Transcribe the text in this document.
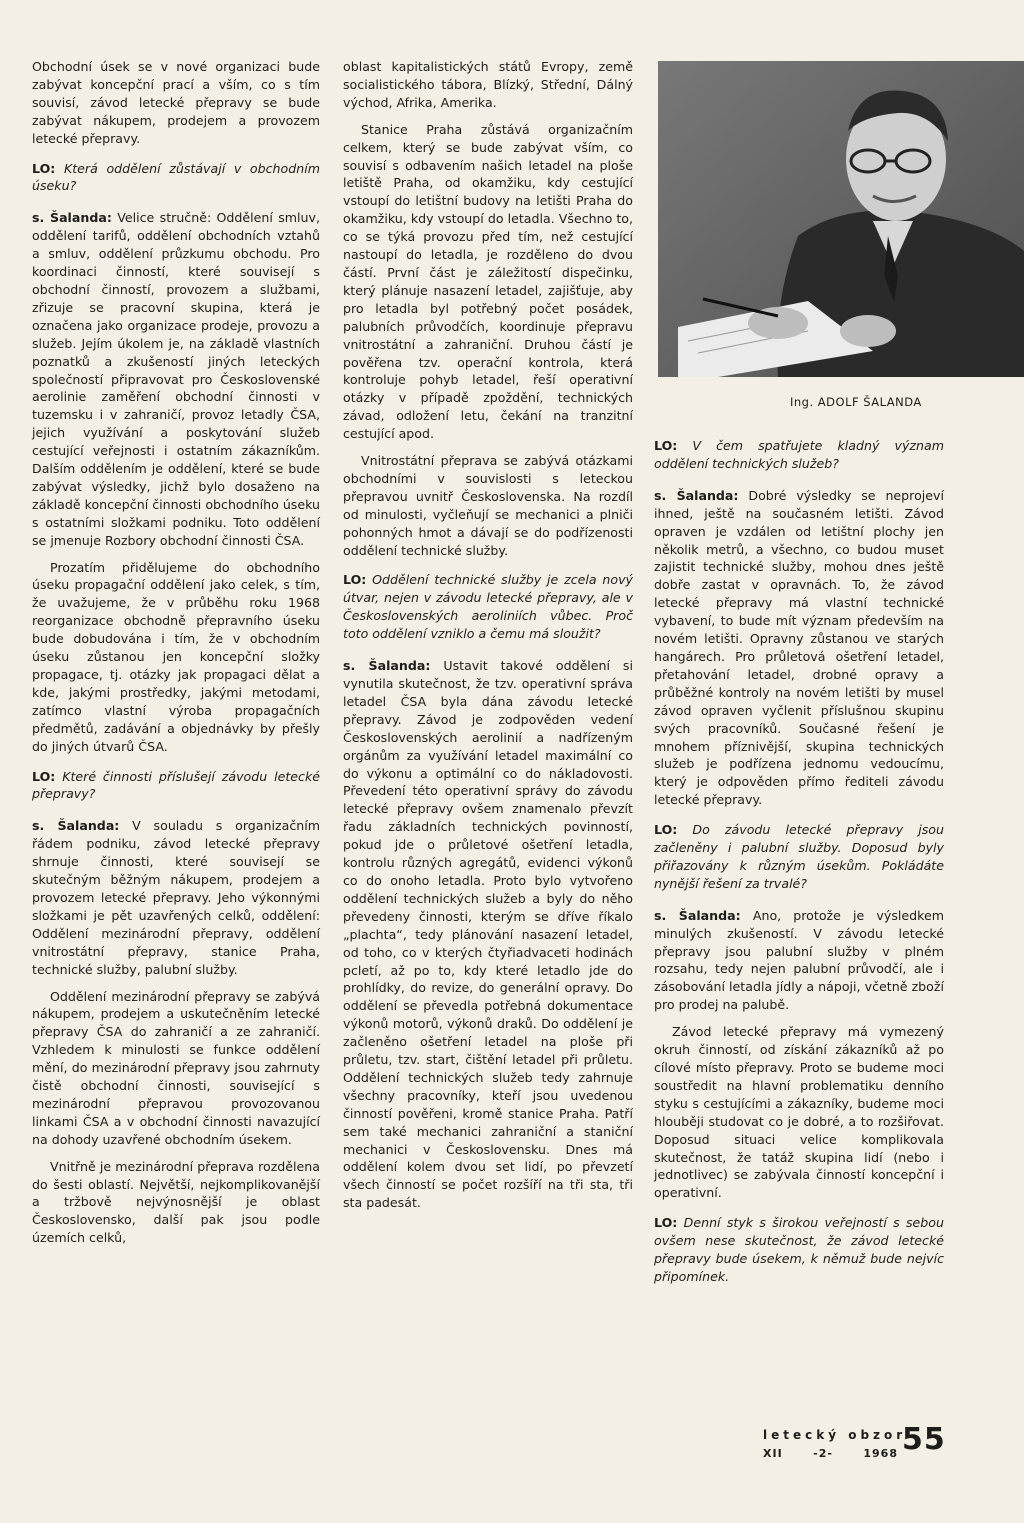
Obchodní úsek se v nové organizaci bude zabývat koncepční prací a vším, co s tím souvisí, závod letecké přepravy se bude zabývat nákupem, prodejem a provozem letecké přepravy.

LO: Která oddělení zůstávají v obchodním úseku?

s. Šalanda: Velice stručně: Oddělení smluv, oddělení tarifů, oddělení obchodních vztahů a smluv, oddělení průzkumu obchodu. Pro koordinaci činností, které souvisejí s obchodní činností, provozem a službami, zřizuje se pracovní skupina, která je označena jako organizace prodeje, provozu a služeb. Jejím úkolem je, na základě vlastních poznatků a zkušeností jiných leteckých společností připravovat pro Československé aerolinie zaměření obchodní činnosti v tuzemsku i v zahraničí, provoz letadly ČSA, jejich využívání a poskytování služeb cestující veřejnosti i ostatním zákazníkům. Dalším oddělením je oddělení, které se bude zabývat výsledky, jichž bylo dosaženo na základě koncepční činnosti obchodního úseku s ostatními složkami podniku. Toto oddělení se jmenuje Rozbory obchodní činnosti ČSA.

Prozatím přidělujeme do obchodního úseku propagační oddělení jako celek, s tím, že uvažujeme, že v průběhu roku 1968 reorganizace obchodně přepravního úseku bude dobudována i tím, že v obchodním úseku zůstanou jen koncepční složky propagace, tj. otázky jak propagaci dělat a kde, jakými prostředky, jakými metodami, zatímco vlastní výroba propagačních předmětů, zadávání a objednávky by přešly do jiných útvarů ČSA.

LO: Které činnosti příslušejí závodu letecké přepravy?

s. Šalanda: V souladu s organizačním řádem podniku, závod letecké přepravy shrnuje činnosti, které souvisejí se skutečným běžným nákupem, prodejem a provozem letecké přepravy. Jeho výkonnými složkami je pět uzavřených celků, oddělení: Oddělení mezinárodní přepravy, oddělení vnitrostátní přepravy, stanice Praha, technické služby, palubní služby.

Oddělení mezinárodní přepravy se zabývá nákupem, prodejem a uskutečněním letecké přepravy ČSA do zahraničí a ze zahraničí. Vzhledem k minulosti se funkce oddělení mění, do mezinárodní přepravy jsou zahrnuty čistě obchodní činnosti, související s mezinárodní přepravou provozovanou linkami ČSA a v obchodní činnosti navazující na dohody uzavřené obchodním úsekem.

Vnitřně je mezinárodní přeprava rozdělena do šesti oblastí. Největší, nejkomplikovanější a tržbově nejvýnosnější je oblast Československo, další pak jsou podle územích celků,

oblast kapitalistických států Evropy, země socialistického tábora, Blízký, Střední, Dálný východ, Afrika, Amerika.

Stanice Praha zůstává organizačním celkem, který se bude zabývat vším, co souvisí s odbavením našich letadel na ploše letiště Praha, od okamžiku, kdy cestující vstoupí do letištní budovy na letišti Praha do okamžiku, kdy vstoupí do letadla. Všechno to, co se týká provozu před tím, než cestující nastoupí do letadla, je rozděleno do dvou částí. První část je záležitostí dispečinku, který plánuje nasazení letadel, zajišťuje, aby pro letadla byl potřebný počet posádek, palubních průvodčích, koordinuje přepravu vnitrostátní a zahraniční. Druhou částí je pověřena tzv. operační kontrola, která kontroluje pohyb letadel, řeší operativní otázky v případě zpoždění, technických závad, odložení letu, čekání na tranzitní cestující apod.

Vnitrostátní přeprava se zabývá otázkami obchodními v souvislosti s leteckou přepravou uvnitř Československa. Na rozdíl od minulosti, vyčleňují se mechanici a plniči pohonných hmot a dávají se do podřízenosti oddělení technické služby.

LO: Oddělení technické služby je zcela nový útvar, nejen v závodu letecké přepravy, ale v Československých aeroliniích vůbec. Proč toto oddělení vzniklo a čemu má sloužit?

s. Šalanda: Ustavit takové oddělení si vynutila skutečnost, že tzv. operativní správa letadel ČSA byla dána závodu letecké přepravy. Závod je zodpověden vedení Československých aerolinií a nadřízeným orgánům za využívání letadel maximální co do výkonu a optimální co do nákladovosti. Převedení této operativní správy do závodu letecké přepravy ovšem znamenalo převzít řadu základních technických povinností, pokud jde o průletové ošetření letadla, kontrolu různých agregátů, evidenci výkonů co do onoho letadla. Proto bylo vytvořeno oddělení technických služeb a byly do něho převedeny činnosti, kterým se dříve říkalo „plachta“, tedy plánování nasazení letadel, od toho, co v kterých čtyřiadvaceti hodinách pcletí, až po to, kdy které letadlo jde do prohlídky, do revize, do generální opravy. Do oddělení se převedla potřebná dokumentace výkonů motorů, výkonů draků. Do oddělení je začleněno ošetření letadel na ploše při průletu, tzv. start, čištění letadel při průletu. Oddělení technických služeb tedy zahrnuje všechny pracovníky, kteří jsou uvedenou činností pověřeni, kromě stanice Praha. Patří sem také mechanici zahraniční a staniční mechanici v Československu. Dnes má oddělení kolem dvou set lidí, po převzetí všech činností se počet rozšíří na tři sta, tři sta padesát.

Ing. ADOLF ŠALANDA

LO: V čem spatřujete kladný význam oddělení technických služeb?

s. Šalanda: Dobré výsledky se neprojeví ihned, ještě na současném letišti. Závod opraven je vzdálen od letištní plochy jen několik metrů, a všechno, co budou muset zajistit technické služby, mohou dnes ještě dobře zastat v opravnách. To, že závod letecké přepravy má vlastní technické vybavení, to bude mít význam především na novém letišti. Opravny zůstanou ve starých hangárech. Pro průletová ošetření letadel, přetahování letadel, drobné opravy a průběžné kontroly na novém letišti by musel závod opraven vyčlenit příslušnou skupinu svých pracovníků. Současné řešení je mnohem příznivější, skupina technických služeb je podřízena jednomu vedoucímu, který je odpověden přímo řediteli závodu letecké přepravy.

LO: Do závodu letecké přepravy jsou začleněny i palubní služby. Doposud byly přiřazovány k různým úsekům. Pokládáte nynější řešení za trvalé?

s. Šalanda: Ano, protože je výsledkem minulých zkušeností. V závodu letecké přepravy jsou palubní služby v plném rozsahu, tedy nejen palubní průvodčí, ale i zásobování letadla jídly a nápoji, včetně zboží pro prodej na palubě.

Závod letecké přepravy má vymezený okruh činností, od získání zákazníků až po cílové místo přepravy. Proto se budeme moci soustředit na hlavní problematiku denního styku s cestujícími a zákazníky, budeme moci hlouběji studovat co je dobré, a to rozšiřovat. Doposud situaci velice komplikovala skutečnost, že tatáž skupina lidí (nebo i jednotlivec) se zabývala činností koncepční i operativní.

LO: Denní styk s širokou veřejností s sebou ovšem nese skutečnost, že závod letecké přepravy bude úsekem, k němuž bude nejvíc připomínek.

letecký obzor
XII	-2-	1968 55
